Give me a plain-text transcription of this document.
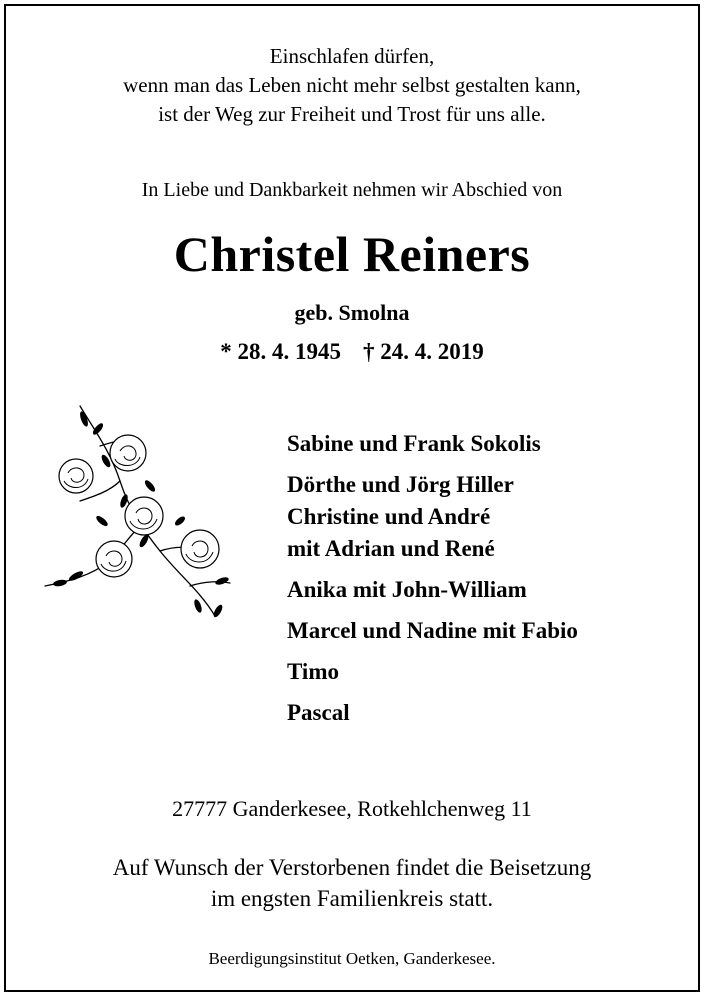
Einschlafen dürfen,
wenn man das Leben nicht mehr selbst gestalten kann,
ist der Weg zur Freiheit und Trost für uns alle.
In Liebe und Dankbarkeit nehmen wir Abschied von
Christel Reiners
geb. Smolna
* 28. 4. 1945 † 24. 4. 2019
Sabine und Frank Sokolis
Dörthe und Jörg Hiller
Christine und André
mit Adrian und René
Anika mit John-William
Marcel und Nadine mit Fabio
Timo
Pascal
27777 Ganderkesee, Rotkehlchenweg 11
Auf Wunsch der Verstorbenen findet die Beisetzung
im engsten Familienkreis statt.
Beerdigungsinstitut Oetken, Ganderkesee.
